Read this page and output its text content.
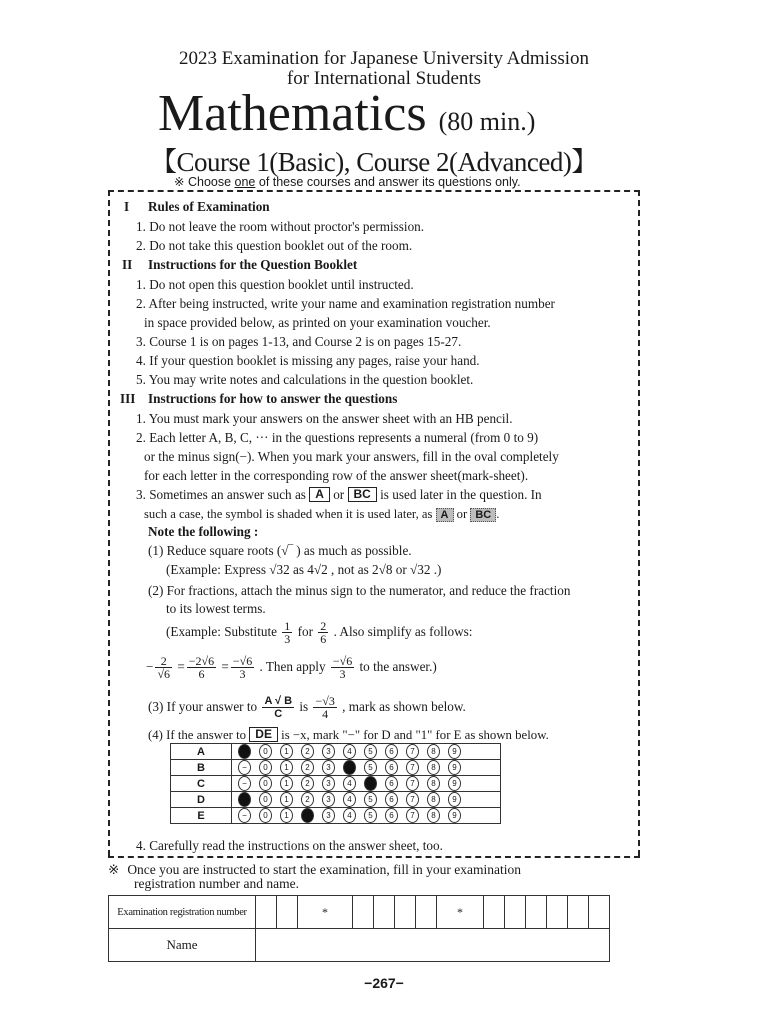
2023 Examination for Japanese University Admission
for International Students
Mathematics (80 min.)
【Course 1(Basic), Course 2(Advanced)】
※ Choose one of these courses and answer its questions only.
I Rules of Examination
1. Do not leave the room without proctor's permission.
2. Do not take this question booklet out of the room.
II Instructions for the Question Booklet
1. Do not open this question booklet until instructed.
2. After being instructed, write your name and examination registration number
in space provided below, as printed on your examination voucher.
3. Course 1 is on pages 1-13, and Course 2 is on pages 15-27.
4. If your question booklet is missing any pages, raise your hand.
5. You may write notes and calculations in the question booklet.
III Instructions for how to answer the questions
1. You must mark your answers on the answer sheet with an HB pencil.
2. Each letter A, B, C, ··· in the questions represents a numeral (from 0 to 9)
or the minus sign(−). When you mark your answers, fill in the oval completely
for each letter in the corresponding row of the answer sheet(mark-sheet).
3. Sometimes an answer such as A or BC is used later in the question. In
such a case, the symbol is shaded when it is used later, as A or BC .
Note the following :
(1) Reduce square roots (√‾ ) as much as possible.
(Example: Express √32 as 4√2 , not as 2√8 or √32 .)
(2) For fractions, attach the minus sign to the numerator, and reduce the fraction
to its lowest terms.
(Example: Substitute $\frac{1}{3}$ for $\frac{2}{6}$ . Also simplify as follows:
− $\frac{2}{√6} = \frac{-2√6}{6} = \frac{-√6}{3}$ . Then apply $\frac{-√6}{3}$ to the answer.)
(3) If your answer to $\frac{A √ B}{C}$ is $\frac{-√3}{4}$ , mark as shown below.
(4) If the answer to DE is −x, mark "−" for D and "1" for E as shown below.
A	− 0 1 2 3 4 5 6 7 8 9
B	− 0 1 2 3 4 5 6 7 8 9
C	− 0 1 2 3 4 5 6 7 8 9
D	− 0 1 2 3 4 5 6 7 8 9
E	− 0 1 2 3 4 5 6 7 8 9
4. Carefully read the instructions on the answer sheet, too.
※ Once you are instructed to start the examination, fill in your examination
registration number and name.
Examination registration number			*					*						
Name														
−267−
